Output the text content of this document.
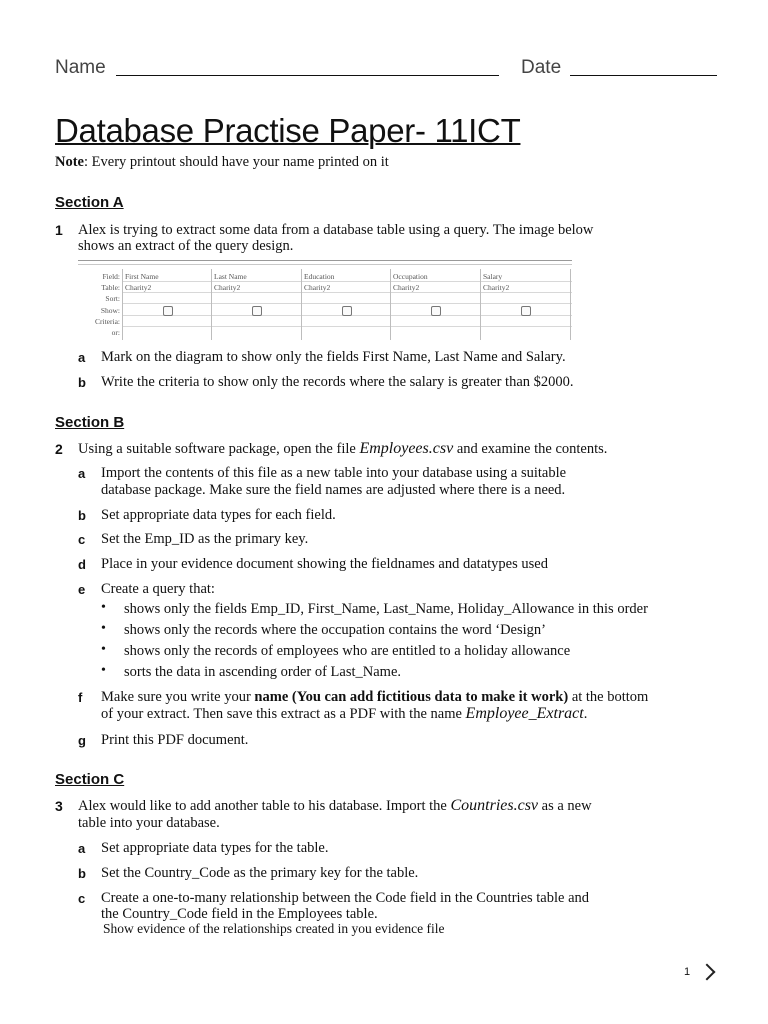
Name	Date
Database Practise Paper- 11ICT
Note: Every printout should have your name printed on it
Section A
1 Alex is trying to extract some data from a database table using a query. The image below
shows an extract of the query design.
Field:
Table:
Sort:
Show:
Criteria:
or:
First Name
Charity2
Last Name
Charity2
Education
Charity2
Occupation
Charity2
Salary
Charity2
a Mark on the diagram to show only the fields First Name, Last Name and Salary.
b Write the criteria to show only the records where the salary is greater than $2000.
Section B
2 Using a suitable software package, open the file Employees.csv and examine the contents.
a Import the contents of this file as a new table into your database using a suitable
database package. Make sure the field names are adjusted where there is a need.
b Set appropriate data types for each field.
c Set the Emp_ID as the primary key.
d Place in your evidence document showing the fieldnames and datatypes used
e Create a query that:
• shows only the fields Emp_ID, First_Name, Last_Name, Holiday_Allowance in this order
• shows only the records where the occupation contains the word ‘Design’
• shows only the records of employees who are entitled to a holiday allowance
• sorts the data in ascending order of Last_Name.
f Make sure you write your name (You can add fictitious data to make it work) at the bottom
of your extract. Then save this extract as a PDF with the name Employee_Extract.
g Print this PDF document.
Section C
3 Alex would like to add another table to his database. Import the Countries.csv as a new
table into your database.
a Set appropriate data types for the table.
b Set the Country_Code as the primary key for the table.
c Create a one-to-many relationship between the Code field in the Countries table and
the Country_Code field in the Employees table.
Show evidence of the relationships created in you evidence file
1
